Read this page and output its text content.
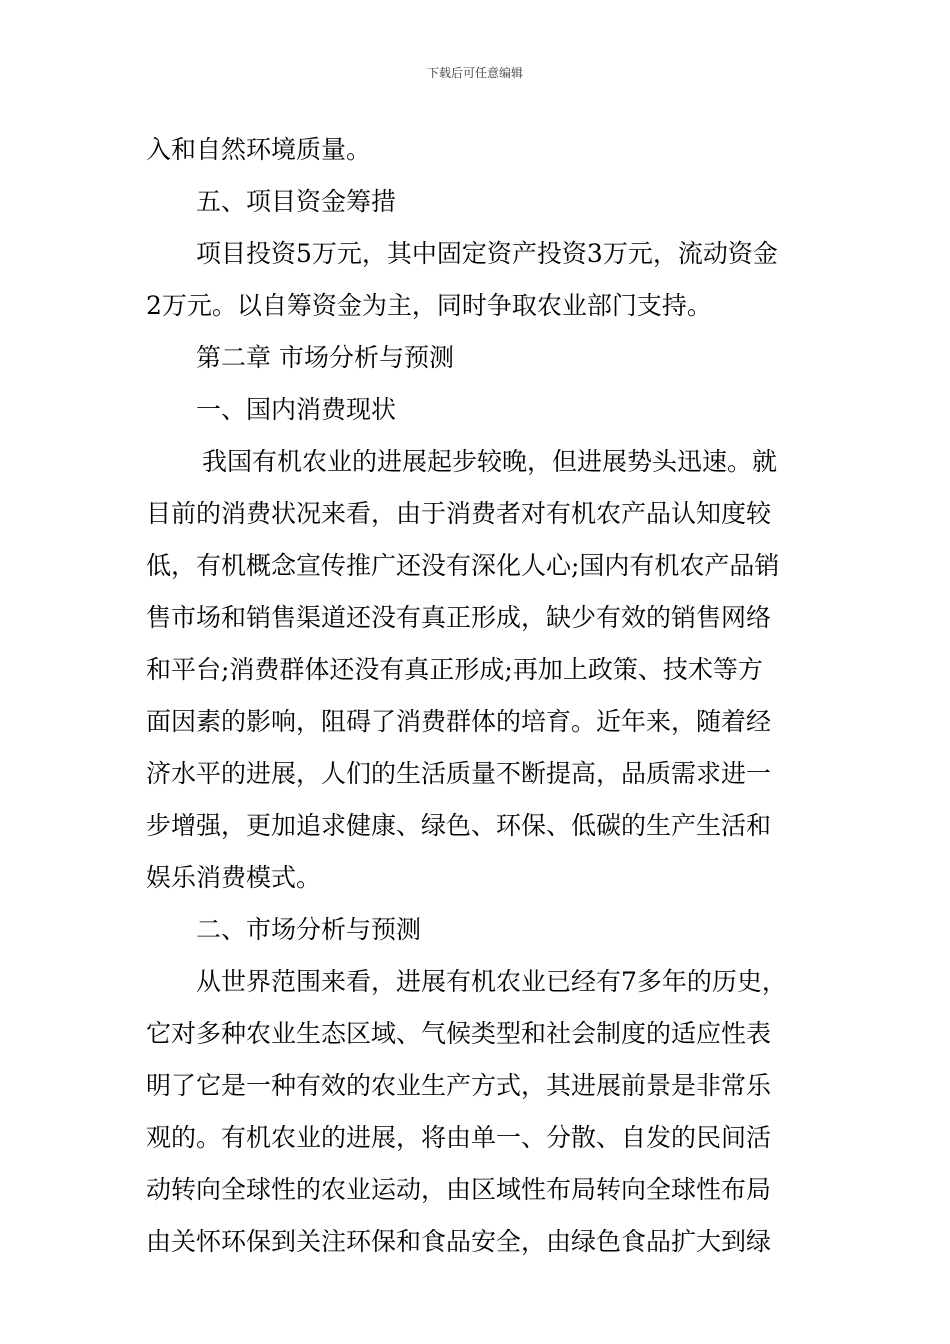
下载后可任意编辑
入和自然环境质量。
五、项目资金筹措
项目投资5万元，其中固定资产投资3万元，流动资金
2万元。以自筹资金为主，同时争取农业部门支持。
第二章 市场分析与预测
一、国内消费现状
我国有机农业的进展起步较晚，但进展势头迅速。就
目前的消费状况来看，由于消费者对有机农产品认知度较
低，有机概念宣传推广还没有深化人心;国内有机农产品销
售市场和销售渠道还没有真正形成，缺少有效的销售网络
和平台;消费群体还没有真正形成;再加上政策、技术等方
面因素的影响，阻碍了消费群体的培育。近年来，随着经
济水平的进展，人们的生活质量不断提高，品质需求进一
步增强，更加追求健康、绿色、环保、低碳的生产生活和
娱乐消费模式。
二、市场分析与预测
从世界范围来看，进展有机农业已经有7多年的历史，
它对多种农业生态区域、气候类型和社会制度的适应性表
明了它是一种有效的农业生产方式，其进展前景是非常乐
观的。有机农业的进展，将由单一、分散、自发的民间活
动转向全球性的农业运动，由区域性布局转向全球性布局
由关怀环保到关注环保和食品安全，由绿色食品扩大到绿
